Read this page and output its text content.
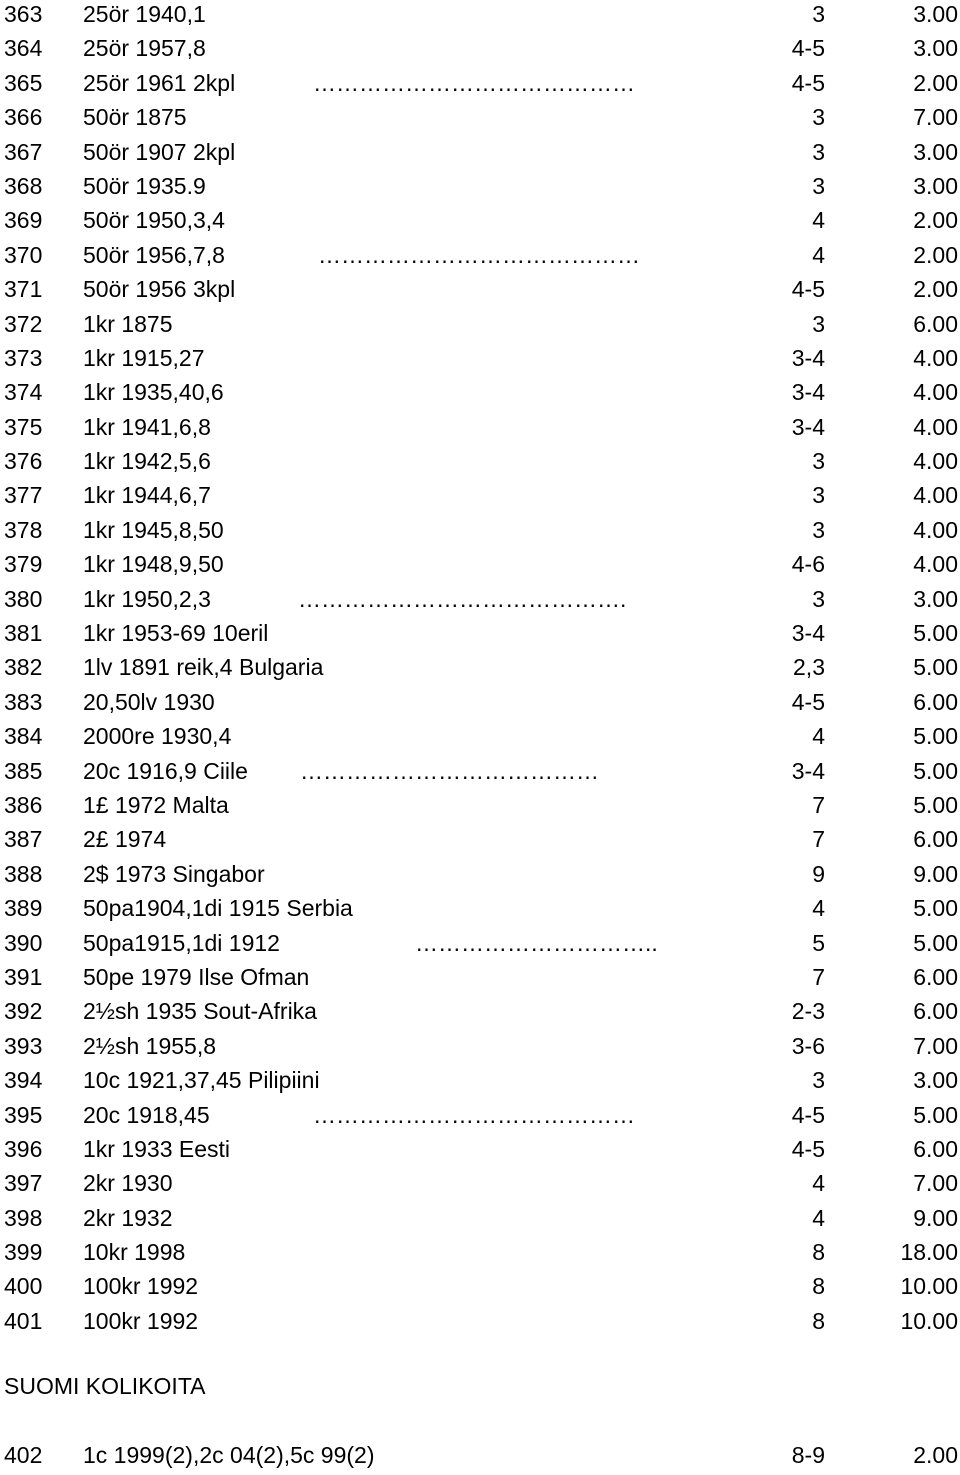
363 25ör 1940,1	3	3.00
364 25ör 1957,8	4-5	3.00
365 25ör 1961 2kpl	……………………………………	4-5	2.00
366 50ör 1875	3	7.00
367 50ör 1907 2kpl	3	3.00
368 50ör 1935.9	3	3.00
369 50ör 1950,3,4	4	2.00
370 50ör 1956,7,8	……………………………………	4	2.00
371 50ör 1956 3kpl	4-5	2.00
372 1kr 1875	3	6.00
373 1kr 1915,27	3-4	4.00
374 1kr 1935,40,6	3-4	4.00
375 1kr 1941,6,8	3-4	4.00
376 1kr 1942,5,6	3	4.00
377 1kr 1944,6,7	3	4.00
378 1kr 1945,8,50	3	4.00
379 1kr 1948,9,50	4-6	4.00
380 1kr 1950,2,3	…………………………………….	3	3.00
381 1kr 1953-69 10eril	3-4	5.00
382 1lv 1891 reik,4 Bulgaria	2,3	5.00
383 20,50lv 1930	4-5	6.00
384 2000re 1930,4	4	5.00
385 20c 1916,9 Ciile …………………………………	3-4	5.00
386 1£ 1972 Malta	7	5.00
387 2£ 1974	7	6.00
388 2$ 1973 Singabor	9	9.00
389 50pa1904,1di 1915 Serbia	4	5.00
390 50pa1915,1di 1912	…………………………..	5	5.00
391 50pe 1979 Ilse Ofman	7	6.00
392 2½sh 1935 Sout-Afrika	2-3	6.00
393 2½sh 1955,8	3-6	7.00
394 10c 1921,37,45 Pilipiini	3	3.00
395 20c 1918,45	……………………………………	4-5	5.00
396 1kr 1933 Eesti	4-5	6.00
397 2kr 1930	4	7.00
398 2kr 1932	4	9.00
399 10kr 1998	8	18.00
400 100kr 1992	8	10.00
401 100kr 1992	8	10.00
SUOMI KOLIKOITA
402 1c 1999(2),2c 04(2),5c 99(2)	8-9	2.00
